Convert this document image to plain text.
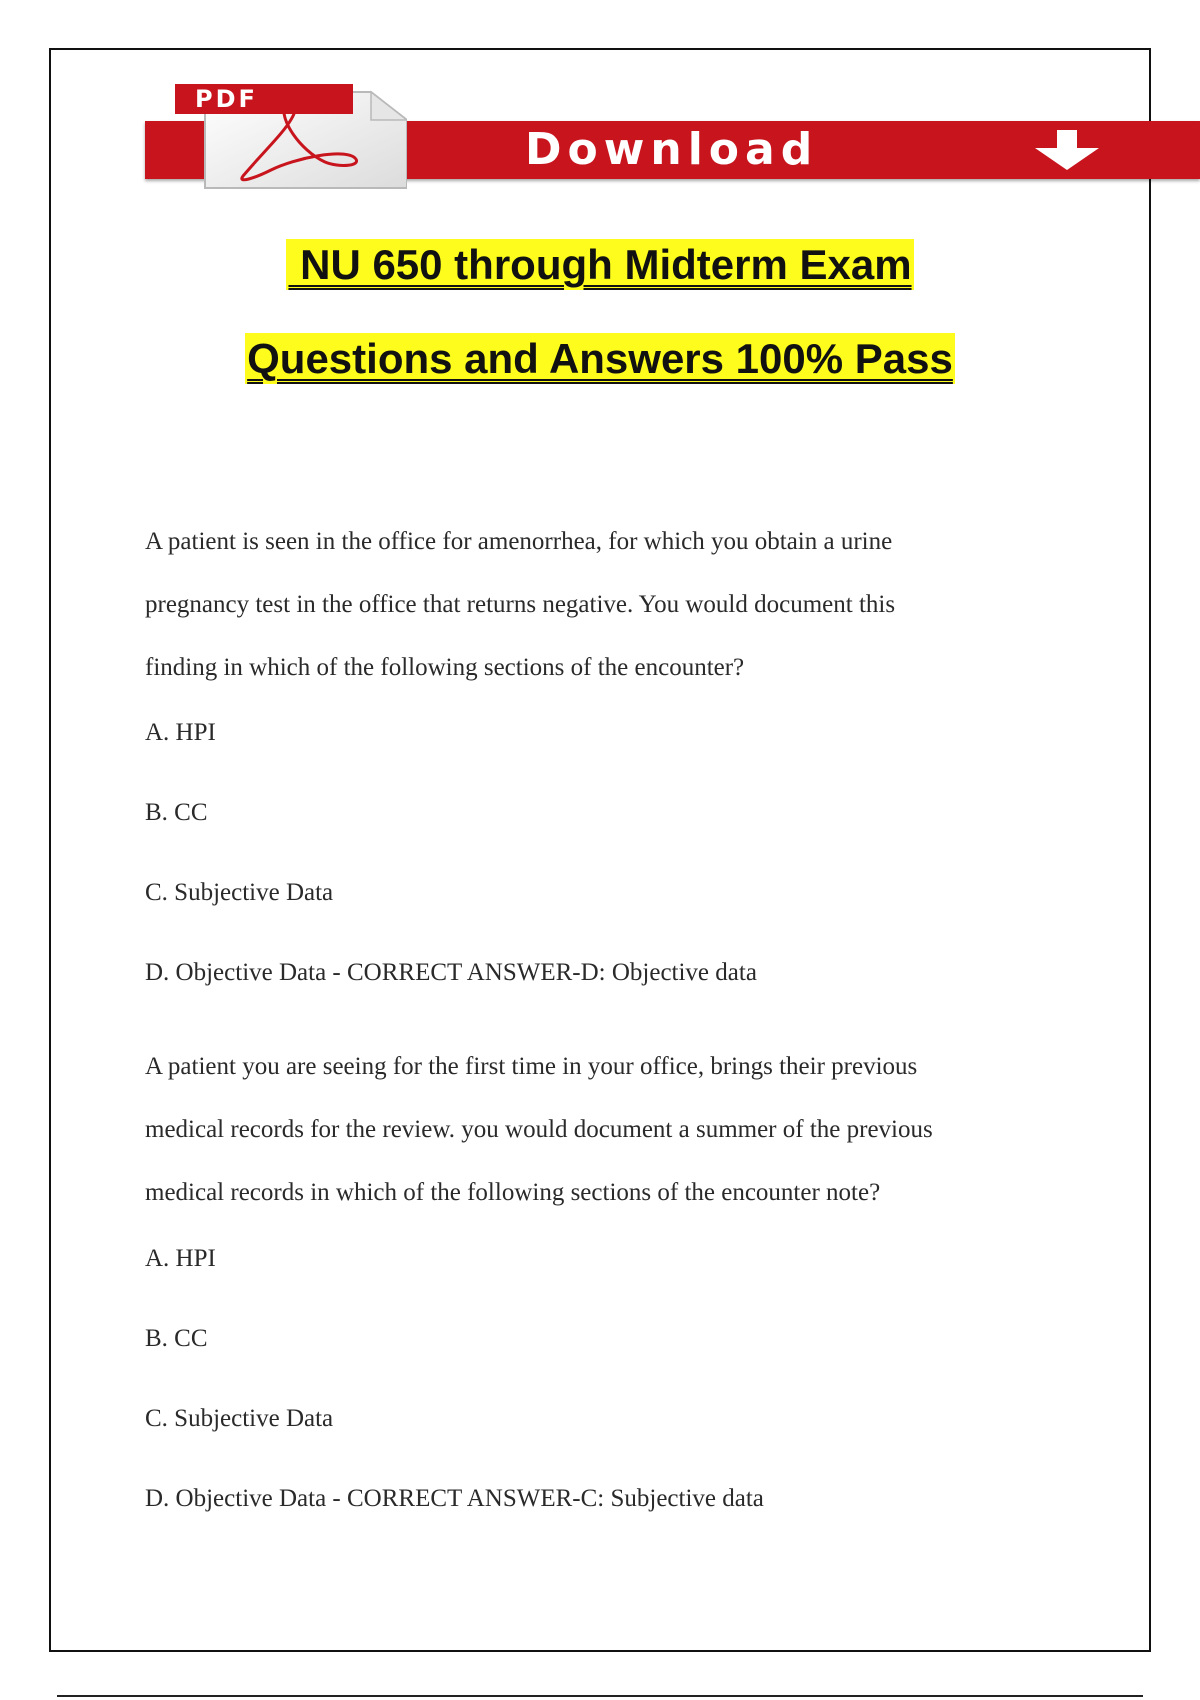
Download
PDF
NU 650 through Midterm Exam
Questions and Answers 100% Pass

A patient is seen in the office for amenorrhea, for which you obtain a urine

pregnancy test in the office that returns negative. You would document this

finding in which of the following sections of the encounter?

A. HPI

B. CC

C. Subjective Data

D. Objective Data - CORRECT ANSWER-D: Objective data

A patient you are seeing for the first time in your office, brings their previous

medical records for the review. you would document a summer of the previous

medical records in which of the following sections of the encounter note?

A. HPI

B. CC

C. Subjective Data

D. Objective Data - CORRECT ANSWER-C: Subjective data
